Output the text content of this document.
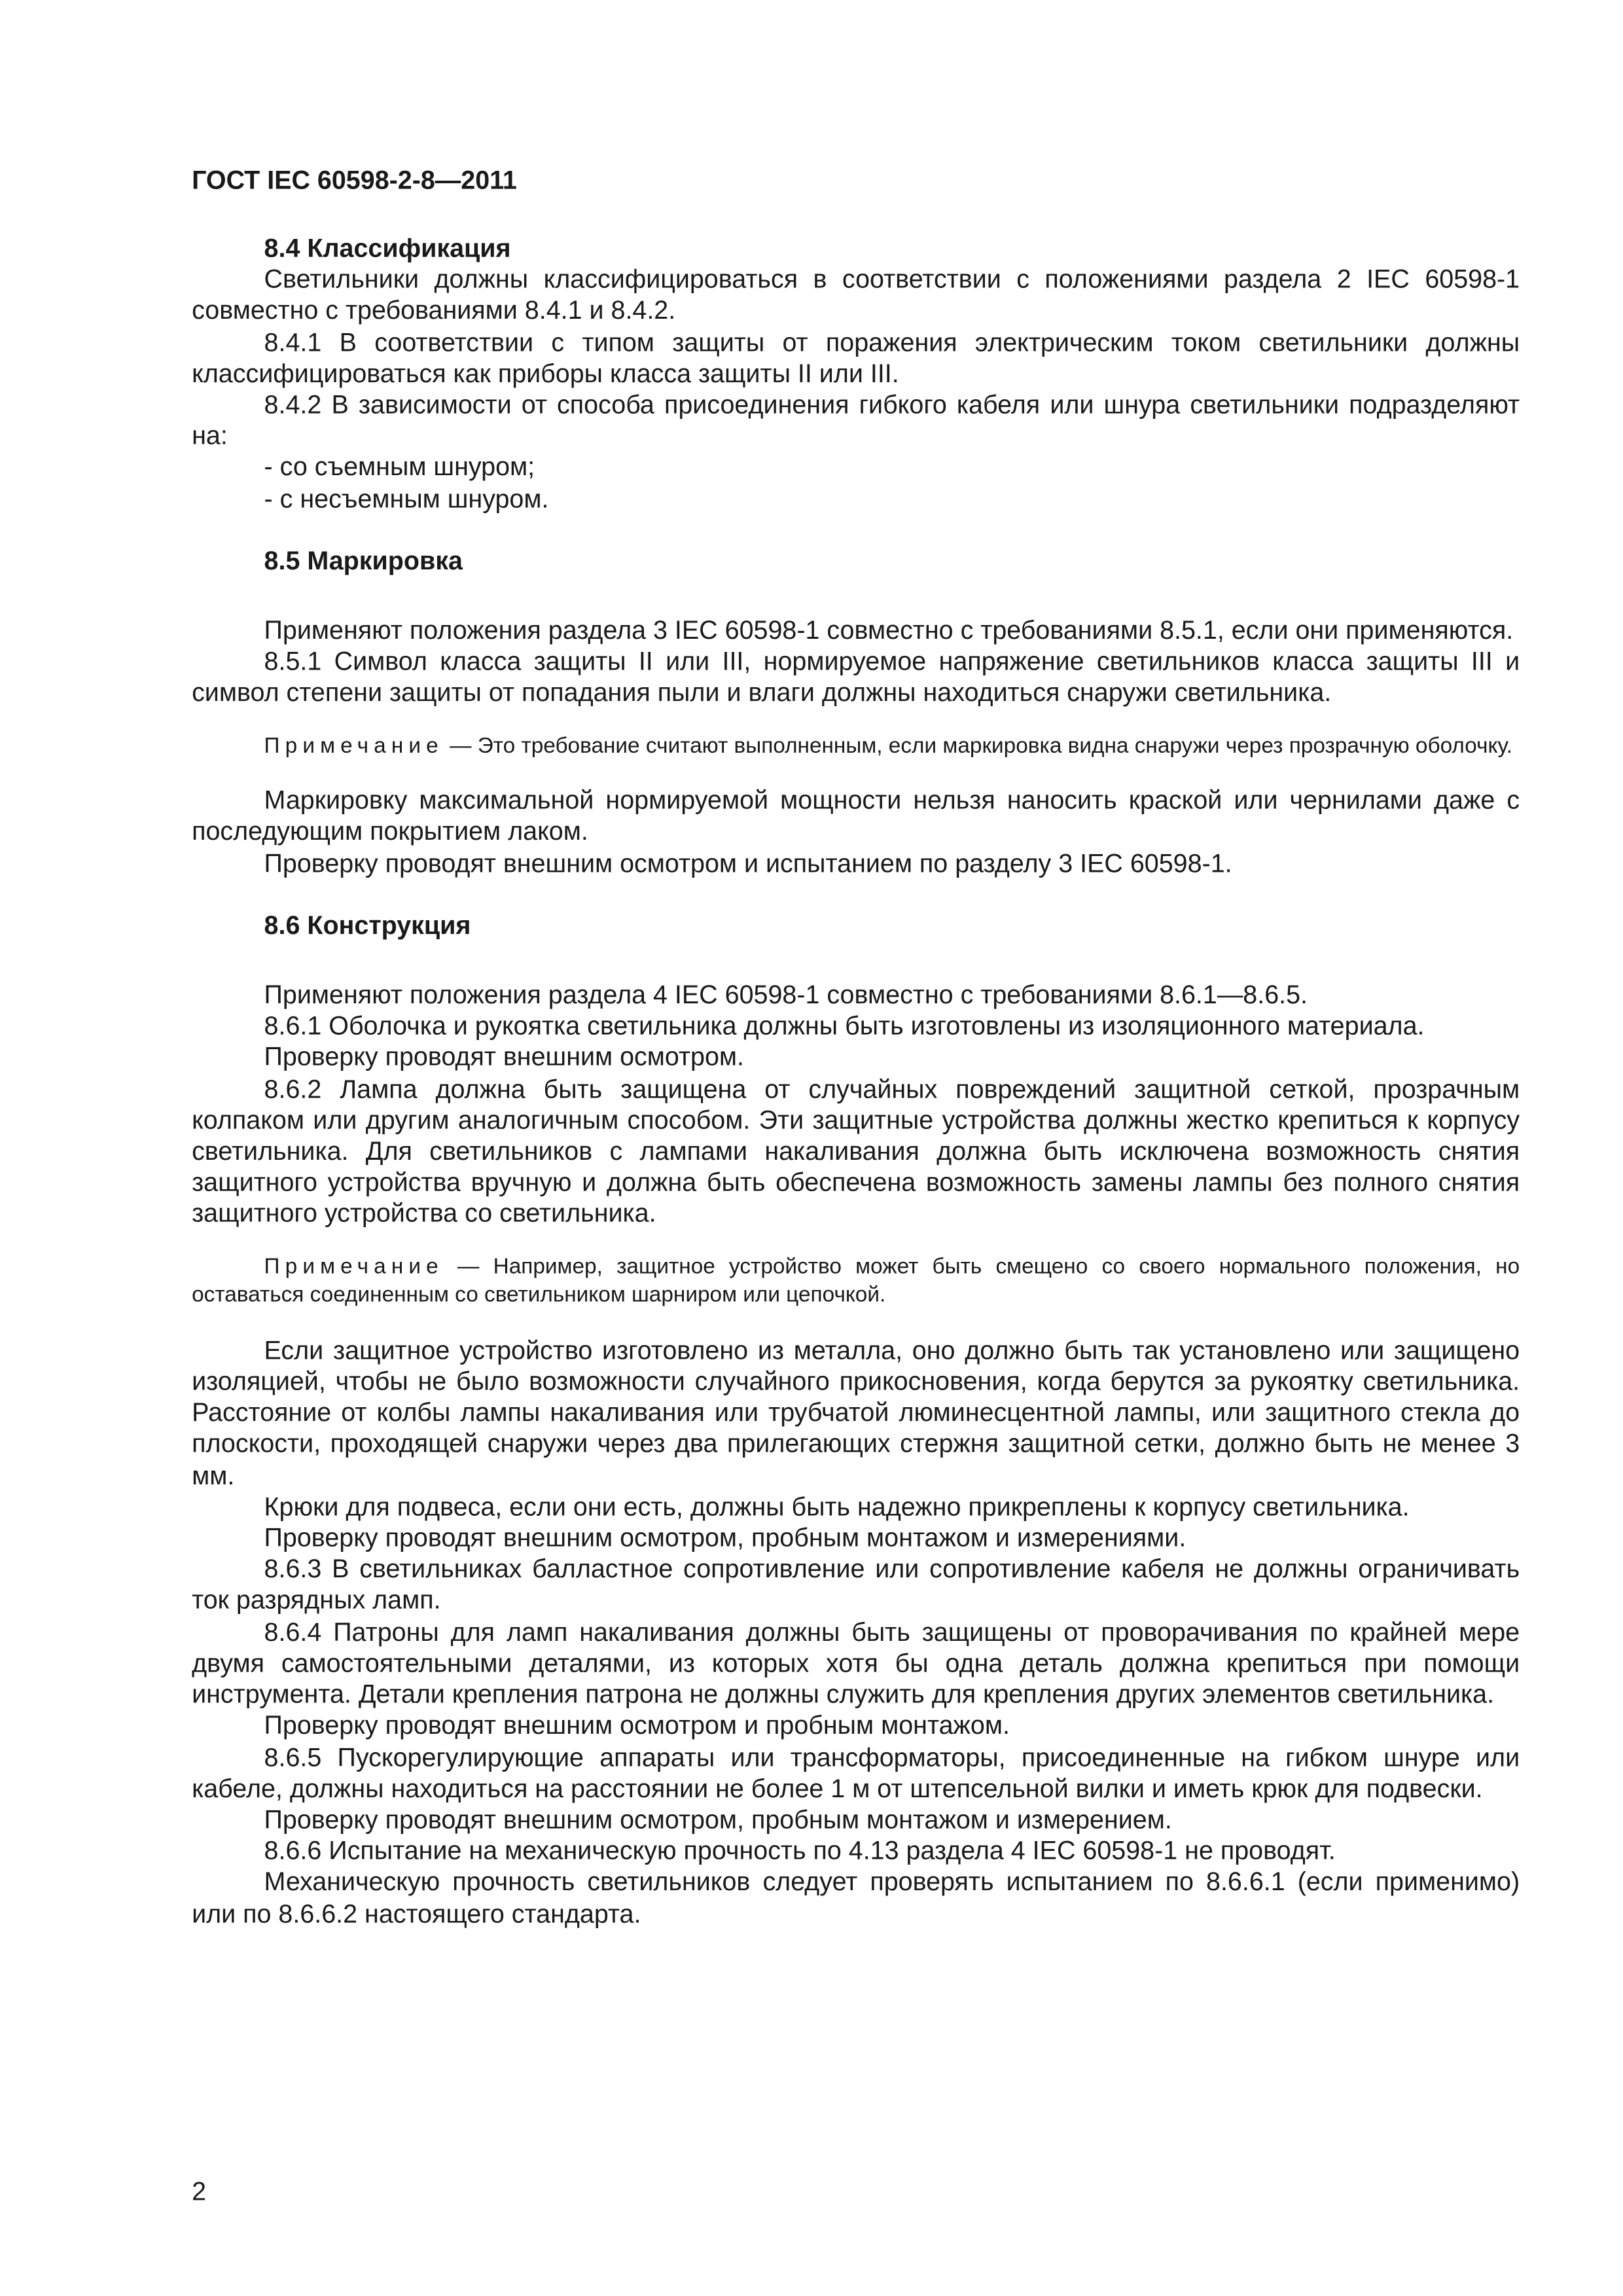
ГОСТ IEC 60598-2-8—2011
8.4 Классификация

Светильники должны классифицироваться в соответствии с положениями раздела 2 IEC 60598-1 совместно с требованиями 8.4.1 и 8.4.2.

8.4.1 В соответствии с типом защиты от поражения электрическим током светильники должны классифицироваться как приборы класса защиты II или III.

8.4.2 В зависимости от способа присоединения гибкого кабеля или шнура светильники подразделяют на:

- со съемным шнуром;

- с несъемным шнуром.

8.5 Маркировка

Применяют положения раздела 3 IEC 60598-1 совместно с требованиями 8.5.1, если они применяются.

8.5.1 Символ класса защиты II или III, нормируемое напряжение светильников класса защиты III и символ степени защиты от попадания пыли и влаги должны находиться снаружи светильника.

Примечание — Это требование считают выполненным, если маркировка видна снаружи через прозрачную оболочку.

Маркировку максимальной нормируемой мощности нельзя наносить краской или чернилами даже с последующим покрытием лаком.

Проверку проводят внешним осмотром и испытанием по разделу 3 IEC 60598-1.

8.6 Конструкция

Применяют положения раздела 4 IEC 60598-1 совместно с требованиями 8.6.1—8.6.5.

8.6.1 Оболочка и рукоятка светильника должны быть изготовлены из изоляционного материала.

Проверку проводят внешним осмотром.

8.6.2 Лампа должна быть защищена от случайных повреждений защитной сеткой, прозрачным колпаком или другим аналогичным способом. Эти защитные устройства должны жестко крепиться к корпусу светильника. Для светильников с лампами накаливания должна быть исключена возможность снятия защитного устройства вручную и должна быть обеспечена возможность замены лампы без полного снятия защитного устройства со светильника.

Примечание — Например, защитное устройство может быть смещено со своего нормального положения, но оставаться соединенным со светильником шарниром или цепочкой.

Если защитное устройство изготовлено из металла, оно должно быть так установлено или защищено изоляцией, чтобы не было возможности случайного прикосновения, когда берутся за рукоятку светильника. Расстояние от колбы лампы накаливания или трубчатой люминесцентной лампы, или защитного стекла до плоскости, проходящей снаружи через два прилегающих стержня защитной сетки, должно быть не менее 3 мм.

Крюки для подвеса, если они есть, должны быть надежно прикреплены к корпусу светильника.

Проверку проводят внешним осмотром, пробным монтажом и измерениями.

8.6.3 В светильниках балластное сопротивление или сопротивление кабеля не должны ограничивать ток разрядных ламп.

8.6.4 Патроны для ламп накаливания должны быть защищены от проворачивания по крайней мере двумя самостоятельными деталями, из которых хотя бы одна деталь должна крепиться при помощи инструмента. Детали крепления патрона не должны служить для крепления других элементов светильника.

Проверку проводят внешним осмотром и пробным монтажом.

8.6.5 Пускорегулирующие аппараты или трансформаторы, присоединенные на гибком шнуре или кабеле, должны находиться на расстоянии не более 1 м от штепсельной вилки и иметь крюк для подвески.

Проверку проводят внешним осмотром, пробным монтажом и измерением.

8.6.6 Испытание на механическую прочность по 4.13 раздела 4 IEC 60598-1 не проводят.

Механическую прочность светильников следует проверять испытанием по 8.6.6.1 (если применимо) или по 8.6.6.2 настоящего стандарта.

2
